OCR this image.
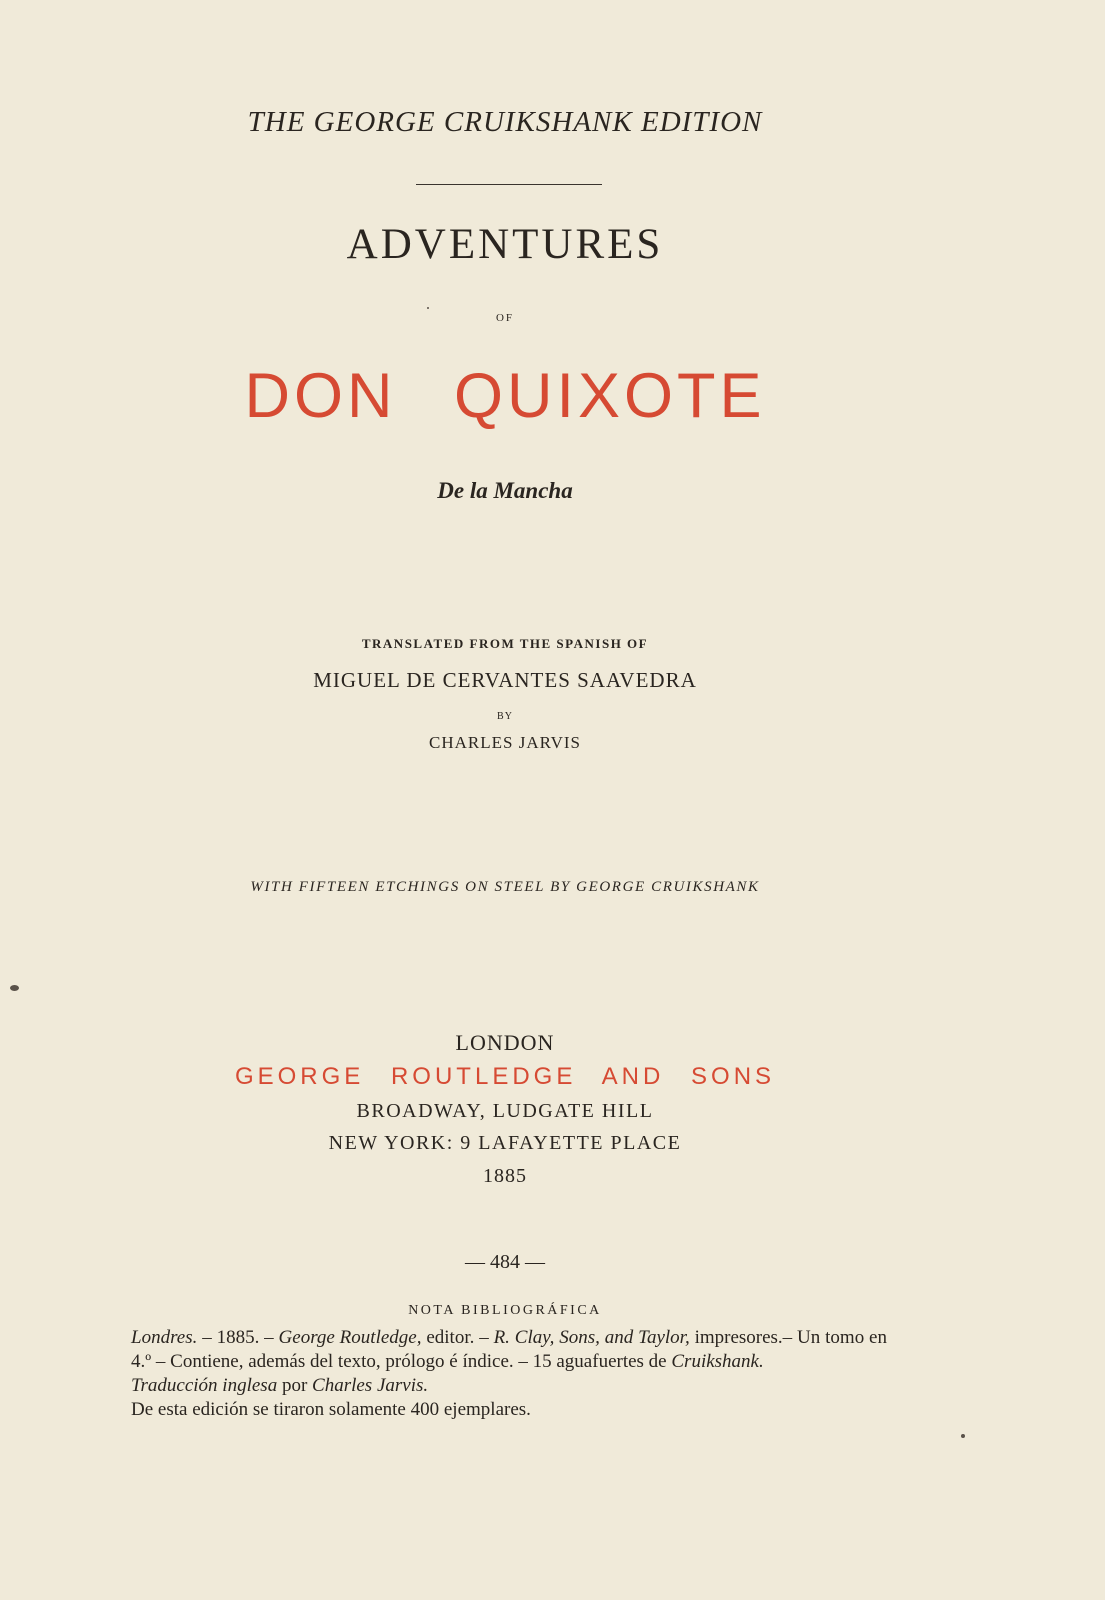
THE GEORGE CRUIKSHANK EDITION
ADVENTURES
OF
DON QUIXOTE
De la Mancha
TRANSLATED FROM THE SPANISH OF
MIGUEL DE CERVANTES SAAVEDRA
BY
CHARLES JARVIS
WITH FIFTEEN ETCHINGS ON STEEL BY GEORGE CRUIKSHANK
LONDON
GEORGE ROUTLEDGE AND SONS
BROADWAY, LUDGATE HILL
NEW YORK: 9 LAFAYETTE PLACE
1885
— 484 —
NOTA BIBLIOGRÁFICA

Londres. – 1885. – George Routledge, editor. – R. Clay, Sons, and Taylor, impresores.– Un tomo en 4.º – Contiene, además del texto, prólogo é índice. – 15 aguafuertes de Cruikshank.

Traducción inglesa por Charles Jarvis.

De esta edición se tiraron solamente 400 ejemplares.
